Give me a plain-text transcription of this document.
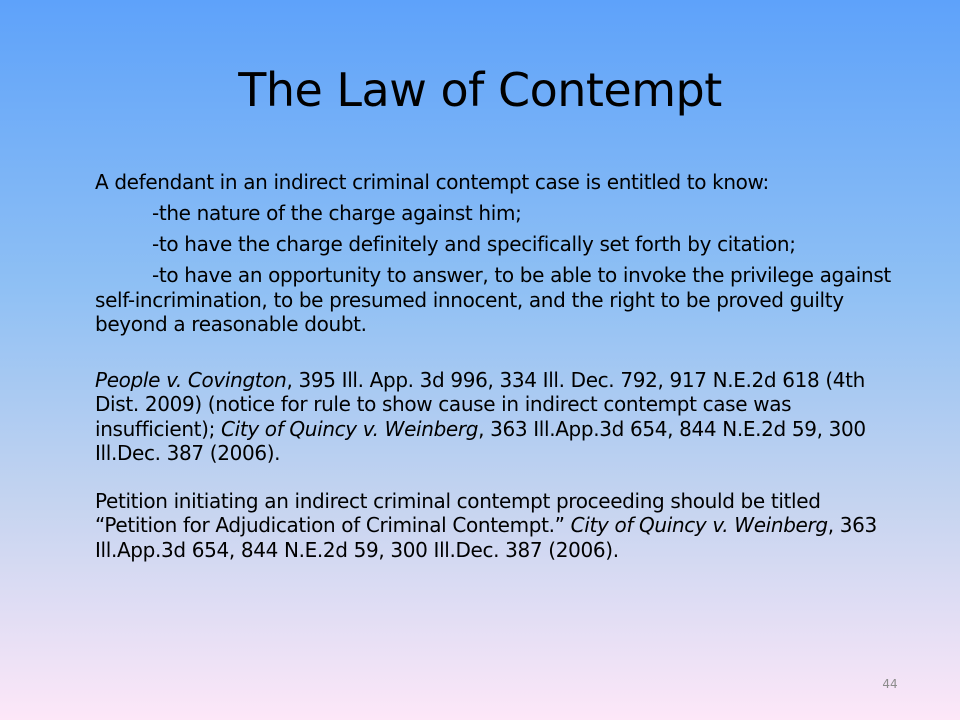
The Law of Contempt

A defendant in an indirect criminal contempt case is entitled to know:

-the nature of the charge against him;

-to have the charge definitely and specifically set forth by citation;

-to have an opportunity to answer, to be able to invoke the privilege against self-incrimination, to be presumed innocent, and the right to be proved guilty beyond a reasonable doubt.

People v. Covington, 395 Ill. App. 3d 996, 334 Ill. Dec. 792, 917 N.E.2d 618 (4th Dist. 2009) (notice for rule to show cause in indirect contempt case was insufficient); City of Quincy v. Weinberg, 363 Ill.App.3d 654, 844 N.E.2d 59, 300 Ill.Dec. 387 (2006).

Petition initiating an indirect criminal contempt proceeding should be titled “Petition for Adjudication of Criminal Contempt.” City of Quincy v. Weinberg, 363 Ill.App.3d 654, 844 N.E.2d 59, 300 Ill.Dec. 387 (2006).

44
